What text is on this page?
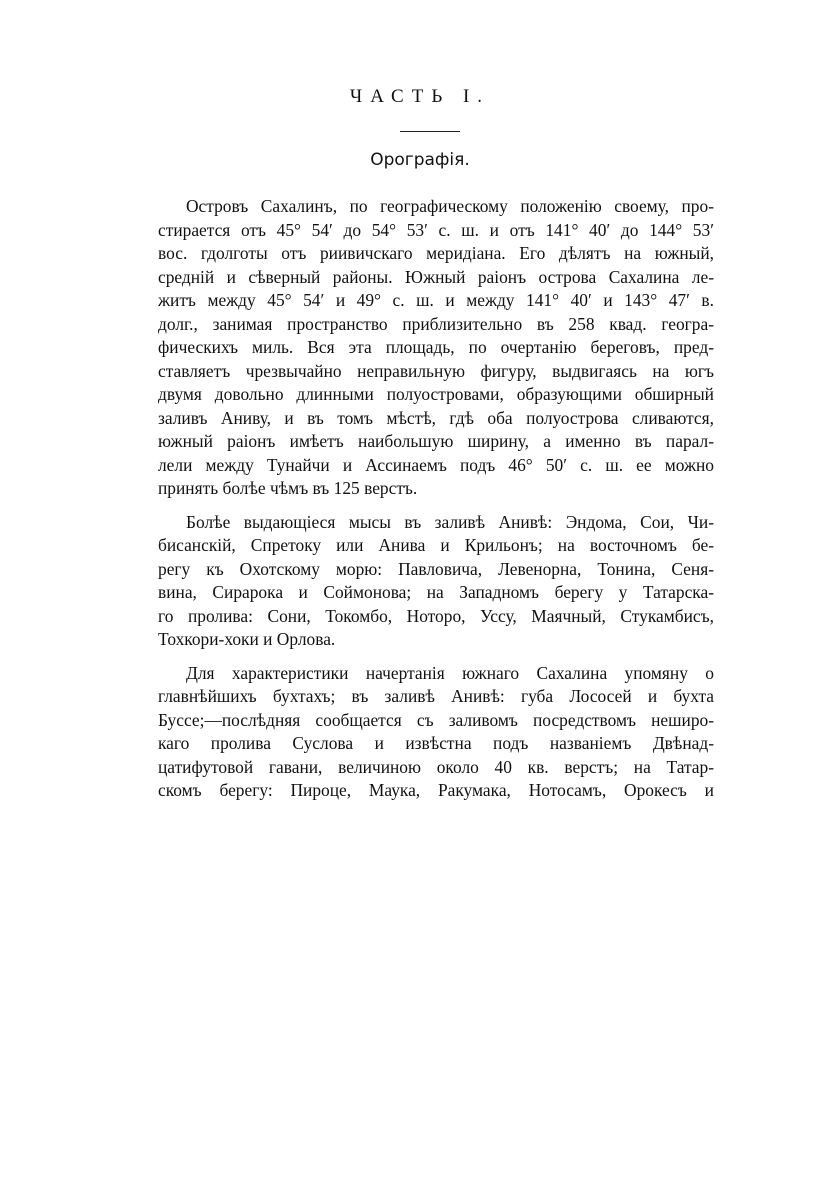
ЧАСТЬ I.
Орографія.
Островъ Сахалинъ, по географическому положенію своему, про-
стирается отъ 45° 54′ до 54° 53′ с. ш. и отъ 141° 40′ до 144° 53′
вос. гдолготы отъ риивичскаго меридіана. Его дѣлятъ на южный,
средній и сѣверный районы. Южный раіонъ острова Сахалина ле-
житъ между 45° 54′ и 49° с. ш. и между 141° 40′ и 143° 47′ в.
долг., занимая пространство приблизительно въ 258 квад. геогра-
фическихъ миль. Вся эта площадь, по очертанію береговъ, пред-
ставляетъ чрезвычайно неправильную фигуру, выдвигаясь на югъ
двумя довольно длинными полуостровами, образующими обширный
заливъ Аниву, и въ томъ мѣстѣ, гдѣ оба полуострова сливаются,
южный раіонъ имѣетъ наибольшую ширину, а именно въ парал-
лели между Тунайчи и Ассинаемъ подъ 46° 50′ с. ш. ее можно
принять болѣе чѣмъ въ 125 верстъ.
Болѣе выдающіеся мысы въ заливѣ Анивѣ: Эндома, Сои, Чи-
бисанскій, Спретоку или Анива и Крильонъ; на восточномъ бе-
регу къ Охотскому морю: Павловича, Левенорна, Тонина, Сеня-
вина, Сирарока и Соймонова; на Западномъ берегу у Татарска-
го пролива: Сони, Токомбо, Ноторо, Уссу, Маячный, Стукамбисъ,
Тохкори-хоки и Орлова.
Для характеристики начертанія южнаго Сахалина упомяну о
главнѣйшихъ бухтахъ; въ заливѣ Анивѣ: губа Лососей и бухта
Буссе;—послѣдняя сообщается съ заливомъ посредствомъ неширо-
каго пролива Суслова и извѣстна подъ названіемъ Двѣнад-
цатифутовой гавани, величиною около 40 кв. верстъ; на Татар-
скомъ берегу: Пироце, Маука, Ракумака, Нотосамъ, Орокесъ и
